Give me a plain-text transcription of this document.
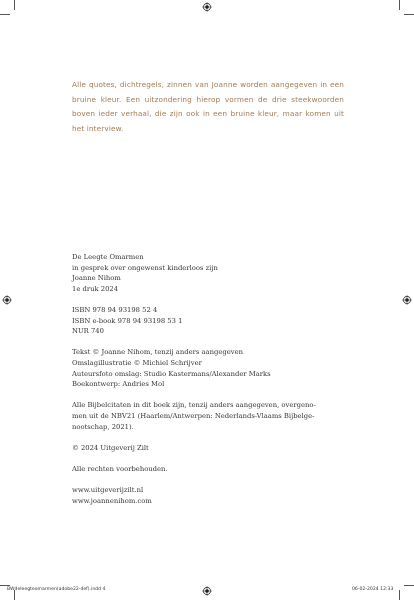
Alle quotes, dichtregels, zinnen van Joanne worden aangegeven in een bruine kleur. Een uitzondering hierop vormen de drie steekwoorden boven ieder verhaal, die zijn ook in een bruine kleur, maar komen uit het interview.

De Leegte Omarmen
in gesprek over ongewenst kinderloos zijn
Joanne Nihom
1e druk 2024
ISBN 978 94 93198 52 4
ISBN e-book 978 94 93198 53 1
NUR 740
Tekst © Joanne Nihom, tenzij anders aangegeven
Omslagillustratie © Michiel Schrijver
Auteursfoto omslag: Studio Kastermans/Alexander Marks
Boekontwerp: Andries Mol
Alle Bijbelcitaten in dit boek zijn, tenzij anders aangegeven, overgeno-
men uit de NBV21 (Haarlem/Antwerpen: Nederlands-Vlaams Bijbelge-
nootschap, 2021).
© 2024 Uitgeverij Zilt
Alle rechten voorbehouden.
www.uitgeverijzilt.nl
www.joannenihom.com
BWdeleegteomarmen(adobe22-def).indd 4	06-02-2024 12:33
